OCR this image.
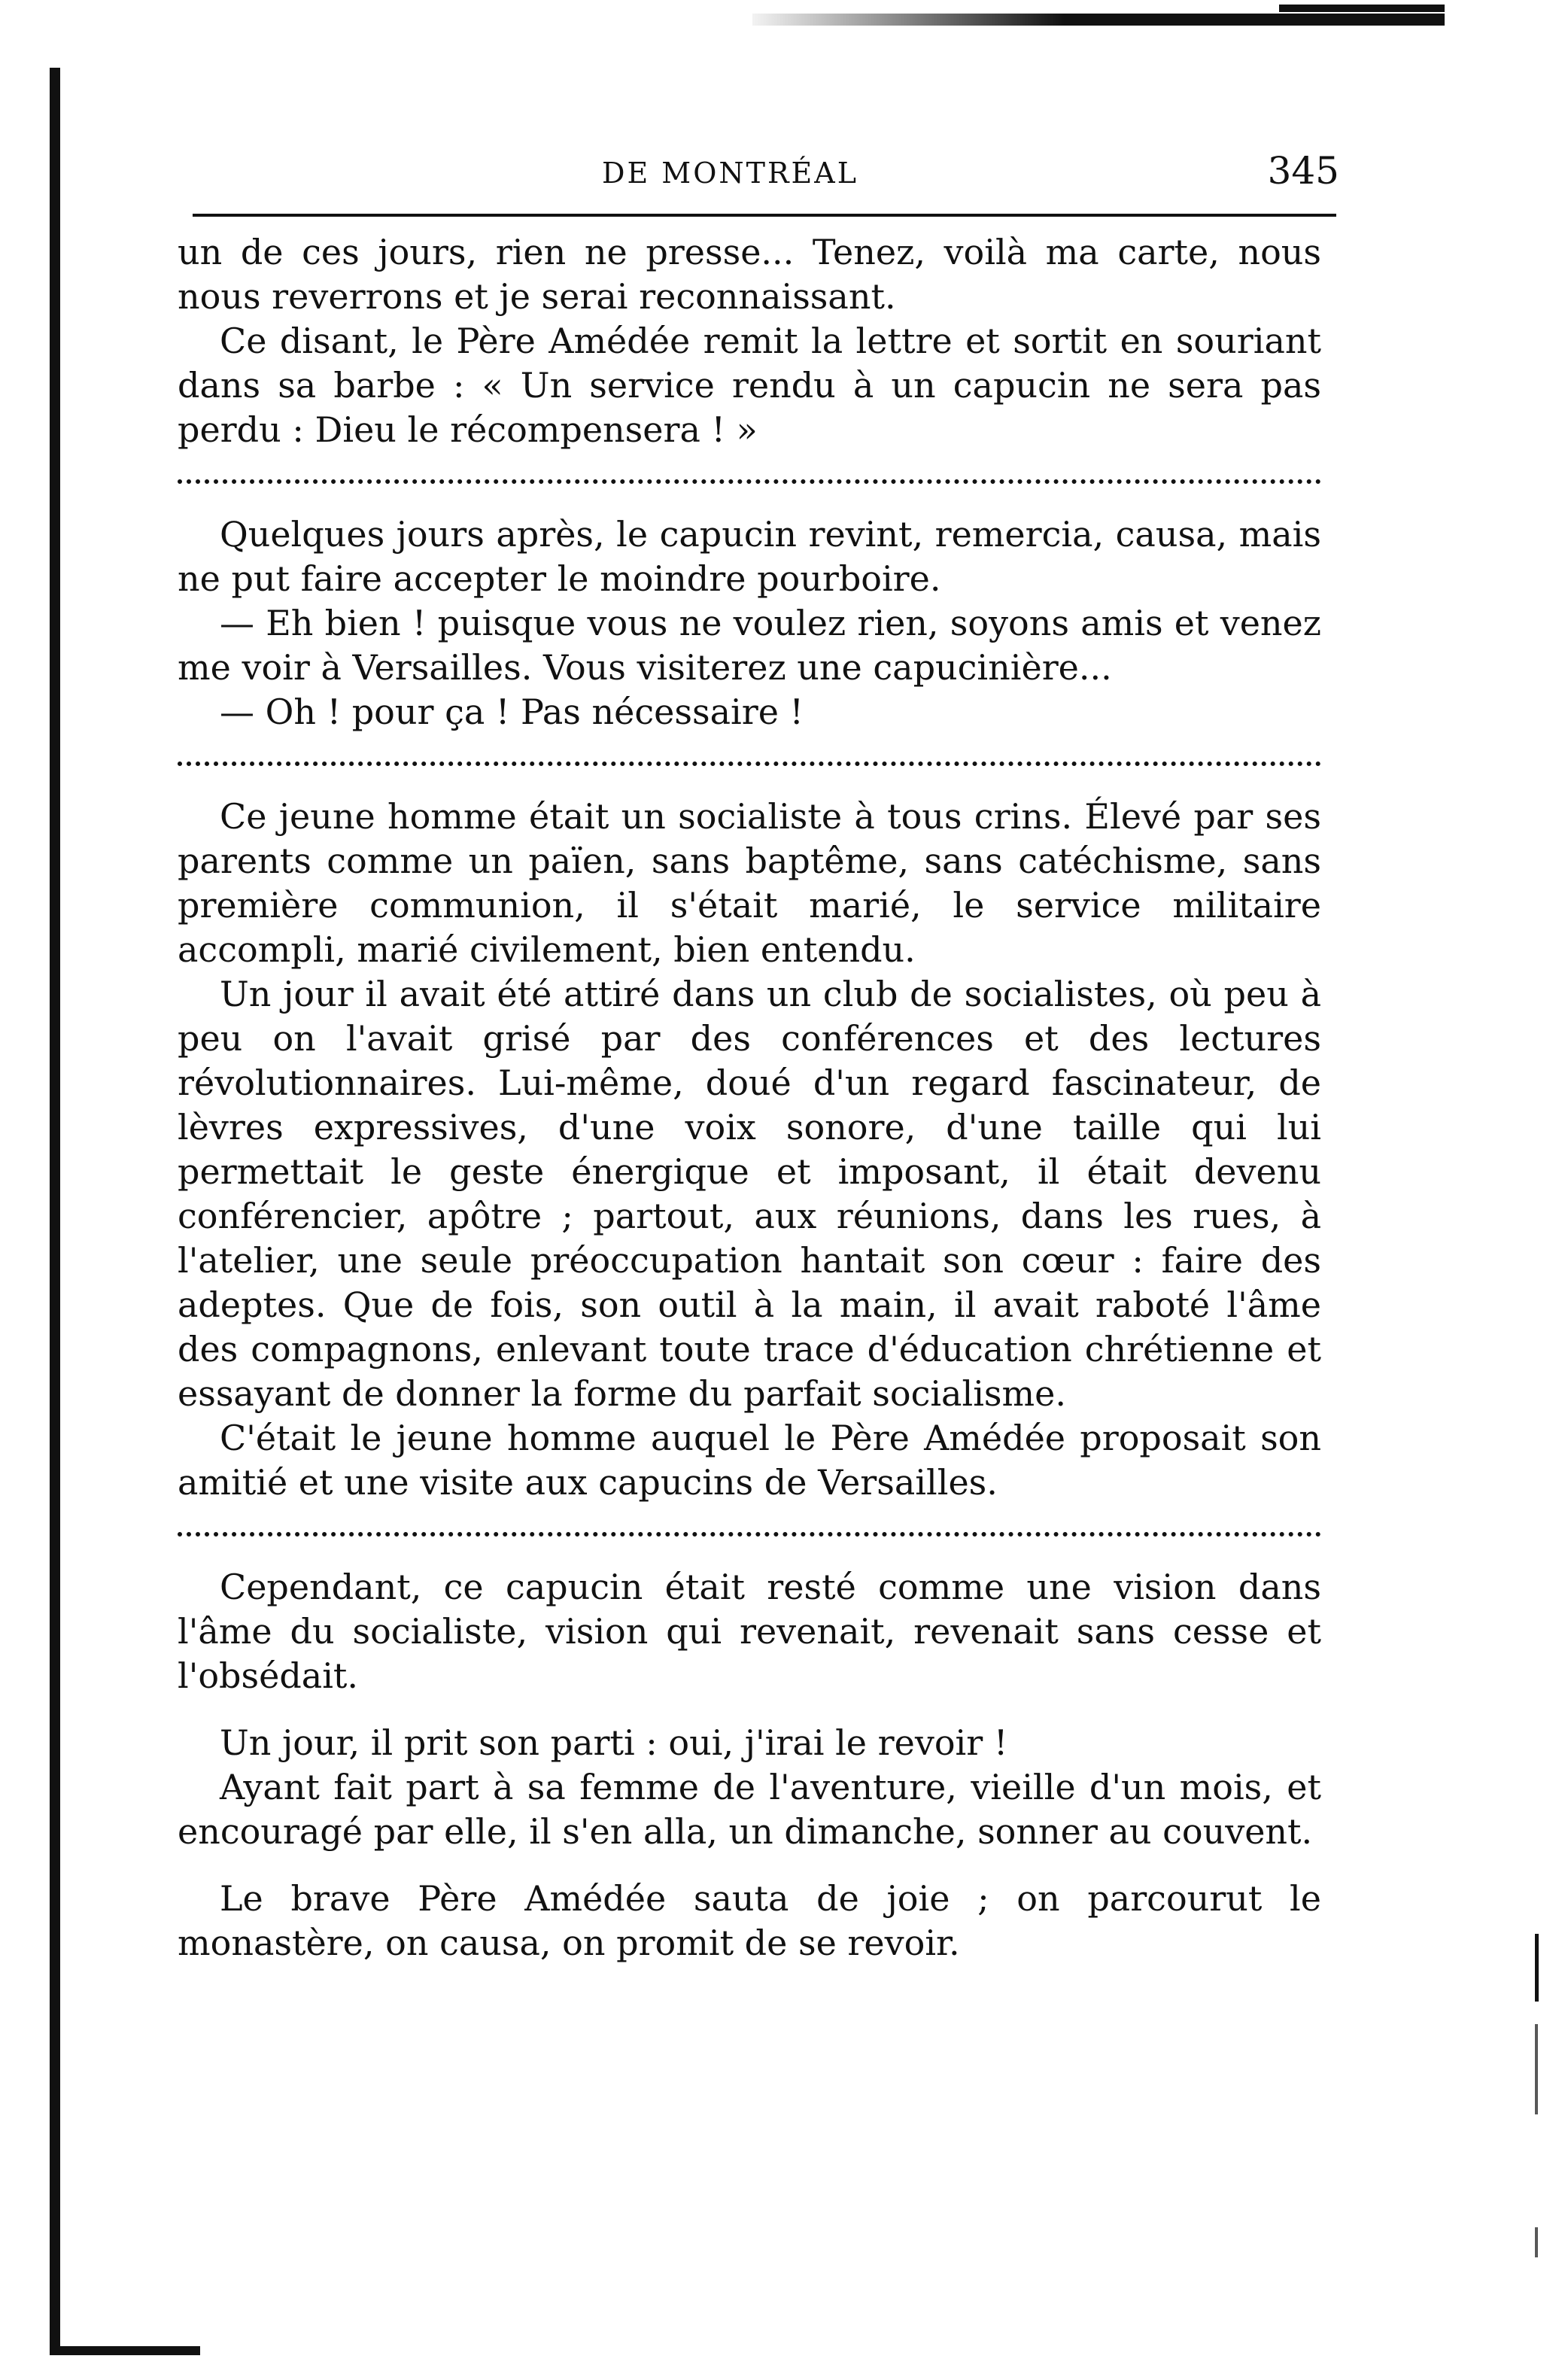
DE MONTRÉAL	345

un de ces jours, rien ne presse... Tenez, voilà ma carte, nous nous reverrons et je serai reconnaissant.

Ce disant, le Père Amédée remit la lettre et sortit en souriant dans sa barbe : « Un service rendu à un capucin ne sera pas perdu : Dieu le récompensera ! »

Quelques jours après, le capucin revint, remercia, causa, mais ne put faire accepter le moindre pourboire.

— Eh bien ! puisque vous ne voulez rien, soyons amis et venez me voir à Versailles. Vous visiterez une capucinière...

— Oh ! pour ça ! Pas nécessaire !

Ce jeune homme était un socialiste à tous crins. Élevé par ses parents comme un païen, sans baptême, sans catéchisme, sans première communion, il s'était marié, le service militaire accompli, marié civilement, bien entendu.

Un jour il avait été attiré dans un club de socialistes, où peu à peu on l'avait grisé par des conférences et des lectures révolutionnaires. Lui-même, doué d'un regard fascinateur, de lèvres expressives, d'une voix sonore, d'une taille qui lui permettait le geste énergique et imposant, il était devenu conférencier, apôtre ; partout, aux réunions, dans les rues, à l'atelier, une seule préoccupation hantait son cœur : faire des adeptes. Que de fois, son outil à la main, il avait raboté l'âme des compagnons, enlevant toute trace d'éducation chrétienne et essayant de donner la forme du parfait socialisme.

C'était le jeune homme auquel le Père Amédée proposait son amitié et une visite aux capucins de Versailles.

Cependant, ce capucin était resté comme une vision dans l'âme du socialiste, vision qui revenait, revenait sans cesse et l'obsédait.

Un jour, il prit son parti : oui, j'irai le revoir !

Ayant fait part à sa femme de l'aventure, vieille d'un mois, et encouragé par elle, il s'en alla, un dimanche, sonner au couvent.

Le brave Père Amédée sauta de joie ; on parcourut le monastère, on causa, on promit de se revoir.
